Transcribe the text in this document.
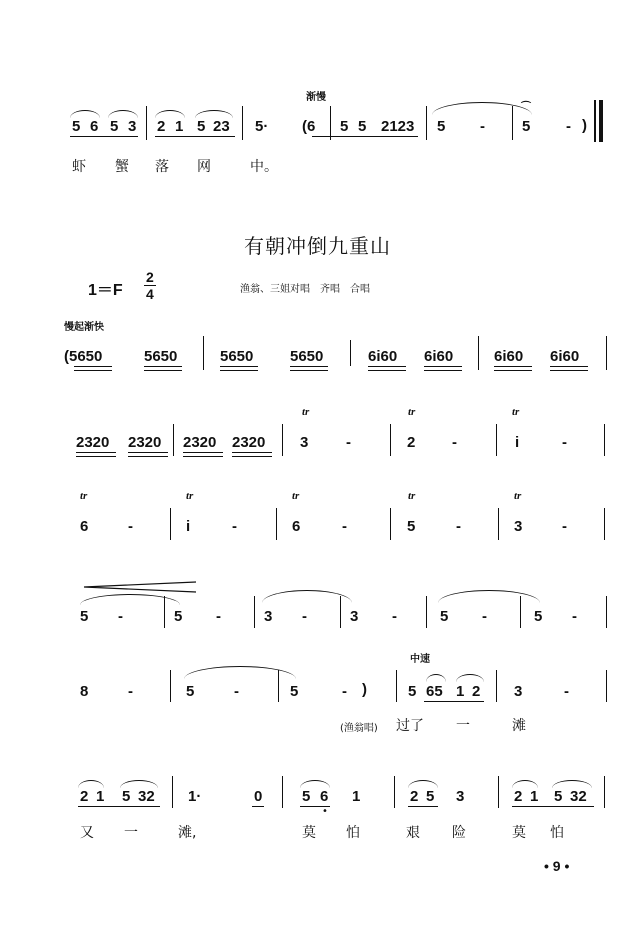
渐慢
5 6 5 3 2 1 5 23 5· (6 5 5 2123 5 - 5
⌒
- )
虾 蟹 落 网	中。
有朝冲倒九重山
1＝F
2
4	渔翁、三姐对唱　齐唱　合唱
慢起渐快
(5650	5650	5650 5650	6i60 6i60	6i60 6i60
tr	tr	tr
2320 2320 2320 2320 3	-	2 -	i	-
tr	tr	tr	tr	tr
6	-	i	-	6	-	5	-	3	-
5 -	5 -	3 -	3 -	5 -	5 -
中速
8	-	5	-	5	- )	5 65 1 2 3	-
(渔翁唱) 过了 一	滩
2 1 5 32 1·	0	5 6
•
1	2 5 3	2 1 5 32
又 一	滩,	莫 怕	艰 险	莫 怕
• 9 •
